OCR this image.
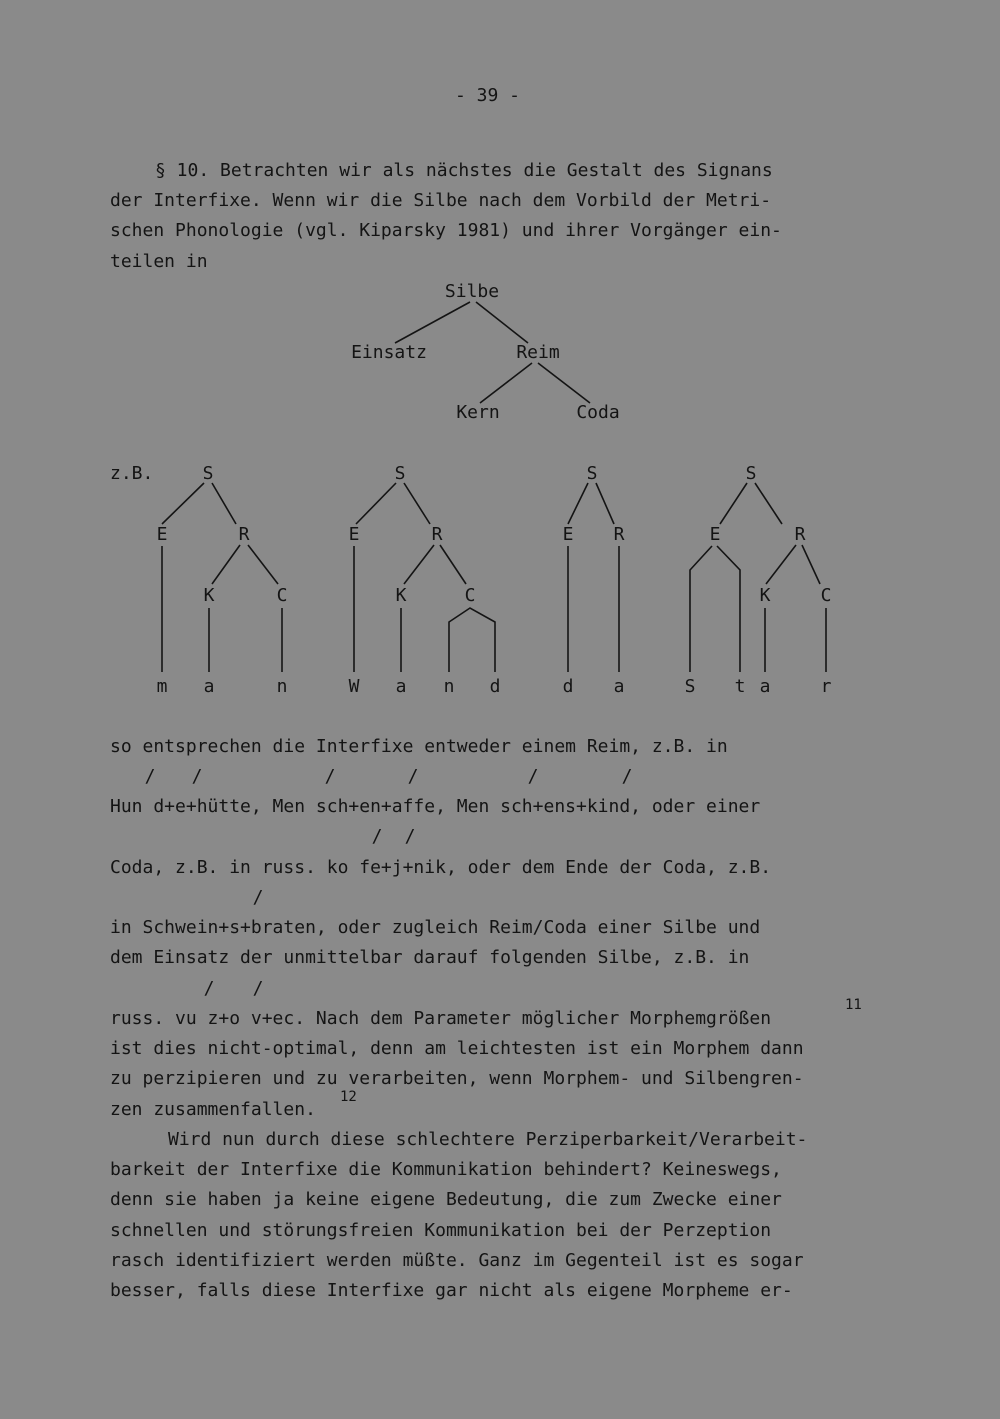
- 39 -
§ 10. Betrachten wir als nächstes die Gestalt des Signans
der Interfixe. Wenn wir die Silbe nach dem Vorbild der Metri-
schen Phonologie (vgl. Kiparsky 1981) und ihrer Vorgänger ein-
teilen in
Silbe
Einsatz	Reim
Kern	Coda
z.B.	S
E	R
K	C
m a	n
S
E	R
K	C
W a n d
S
E R
d a
S
E	R
K	C
S t a	r
so entsprechen die Interfixe entweder einem Reim, z.B. in
/ /	/	/	/	/
Hun d+e+hütte, Men sch+en+affe, Men sch+ens+kind, oder einer
/ /
Coda, z.B. in russ. ko fe+j+nik, oder dem Ende der Coda, z.B.
/
in Schwein+s+braten, oder zugleich Reim/Coda einer Silbe und
dem Einsatz der unmittelbar darauf folgenden Silbe, z.B. in
/ /
russ. vu z+o v+ec. Nach dem Parameter möglicher Morphemgrößen
11
ist dies nicht-optimal, denn am leichtesten ist ein Morphem dann
zu perzipieren und zu verarbeiten, wenn Morphem- und Silbengren-
zen zusammenfallen.
12
Wird nun durch diese schlechtere Perziperbarkeit/Verarbeit-
barkeit der Interfixe die Kommunikation behindert? Keineswegs,
denn sie haben ja keine eigene Bedeutung, die zum Zwecke einer
schnellen und störungsfreien Kommunikation bei der Perzeption
rasch identifiziert werden müßte. Ganz im Gegenteil ist es sogar
besser, falls diese Interfixe gar nicht als eigene Morpheme er-
